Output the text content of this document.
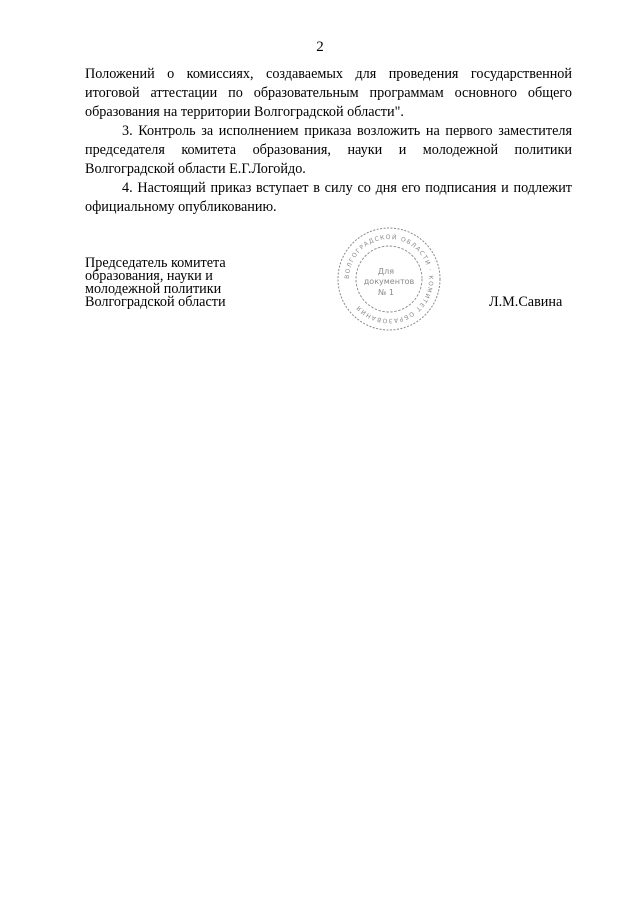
2

Положений о комиссиях, создаваемых для проведения государственной итоговой аттестации по образовательным программам основного общего образования на территории Волгоградской области".

3. Контроль за исполнением приказа возложить на первого заместителя председателя комитета образования, науки и молодежной политики Волгоградской области Е.Г.Логойдо.

4. Настоящий приказ вступает в силу со дня его подписания и подлежит официальному опубликованию.

Председатель комитета
образования, науки и
молодежной политики
Волгоградской области	Л.М.Савина
ВОЛГОГРАДСКОЙ ОБЛАСТИ · КОМИТЕТ ОБРАЗОВАНИЯ
Для
документов
№ 1
